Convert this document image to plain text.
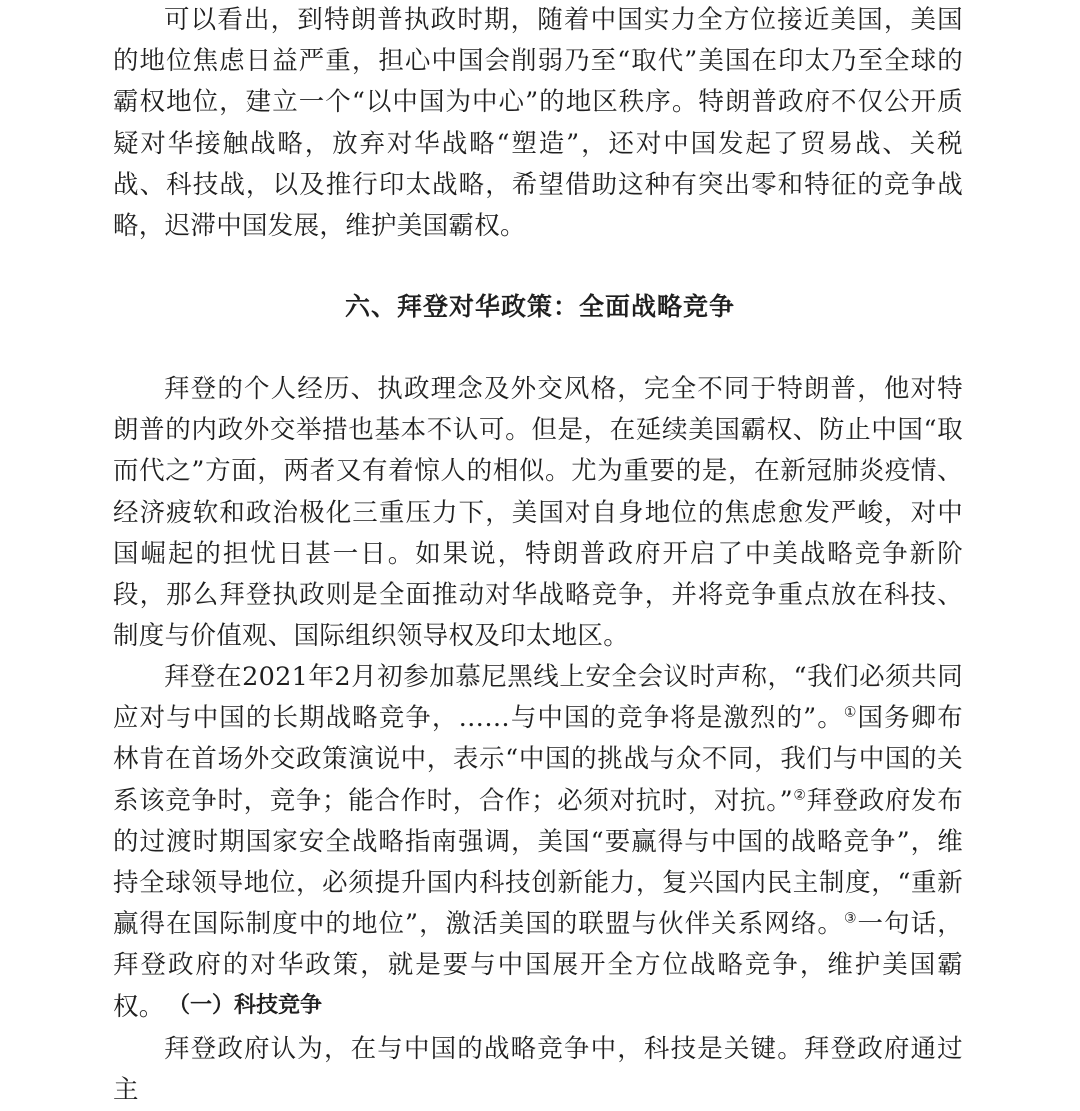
可以看出，到特朗普执政时期，随着中国实力全方位接近美国，美国的地位焦虑日益严重，担心中国会削弱乃至“取代”美国在印太乃至全球的霸权地位，建立一个“以中国为中心”的地区秩序。特朗普政府不仅公开质疑对华接触战略，放弃对华战略“塑造”，还对中国发起了贸易战、关税战、科技战，以及推行印太战略，希望借助这种有突出零和特征的竞争战略，迟滞中国发展，维护美国霸权。

六、拜登对华政策：全面战略竞争

拜登的个人经历、执政理念及外交风格，完全不同于特朗普，他对特朗普的内政外交举措也基本不认可。但是，在延续美国霸权、防止中国“取而代之”方面，两者又有着惊人的相似。尤为重要的是，在新冠肺炎疫情、经济疲软和政治极化三重压力下，美国对自身地位的焦虑愈发严峻，对中国崛起的担忧日甚一日。如果说，特朗普政府开启了中美战略竞争新阶段，那么拜登执政则是全面推动对华战略竞争，并将竞争重点放在科技、制度与价值观、国际组织领导权及印太地区。

拜登在2021年2月初参加慕尼黑线上安全会议时声称，“我们必须共同应对与中国的长期战略竞争，……与中国的竞争将是激烈的”。①国务卿布林肯在首场外交政策演说中，表示“中国的挑战与众不同，我们与中国的关系该竞争时，竞争；能合作时，合作；必须对抗时，对抗。”②拜登政府发布的过渡时期国家安全战略指南强调，美国“要赢得与中国的战略竞争”，维持全球领导地位，必须提升国内科技创新能力，复兴国内民主制度，“重新赢得在国际制度中的地位”，激活美国的联盟与伙伴关系网络。③一句话，拜登政府的对华政策，就是要与中国展开全方位战略竞争，维护美国霸权。 （一）科技竞争

拜登政府认为，在与中国的战略竞争中，科技是关键。拜登政府通过主
